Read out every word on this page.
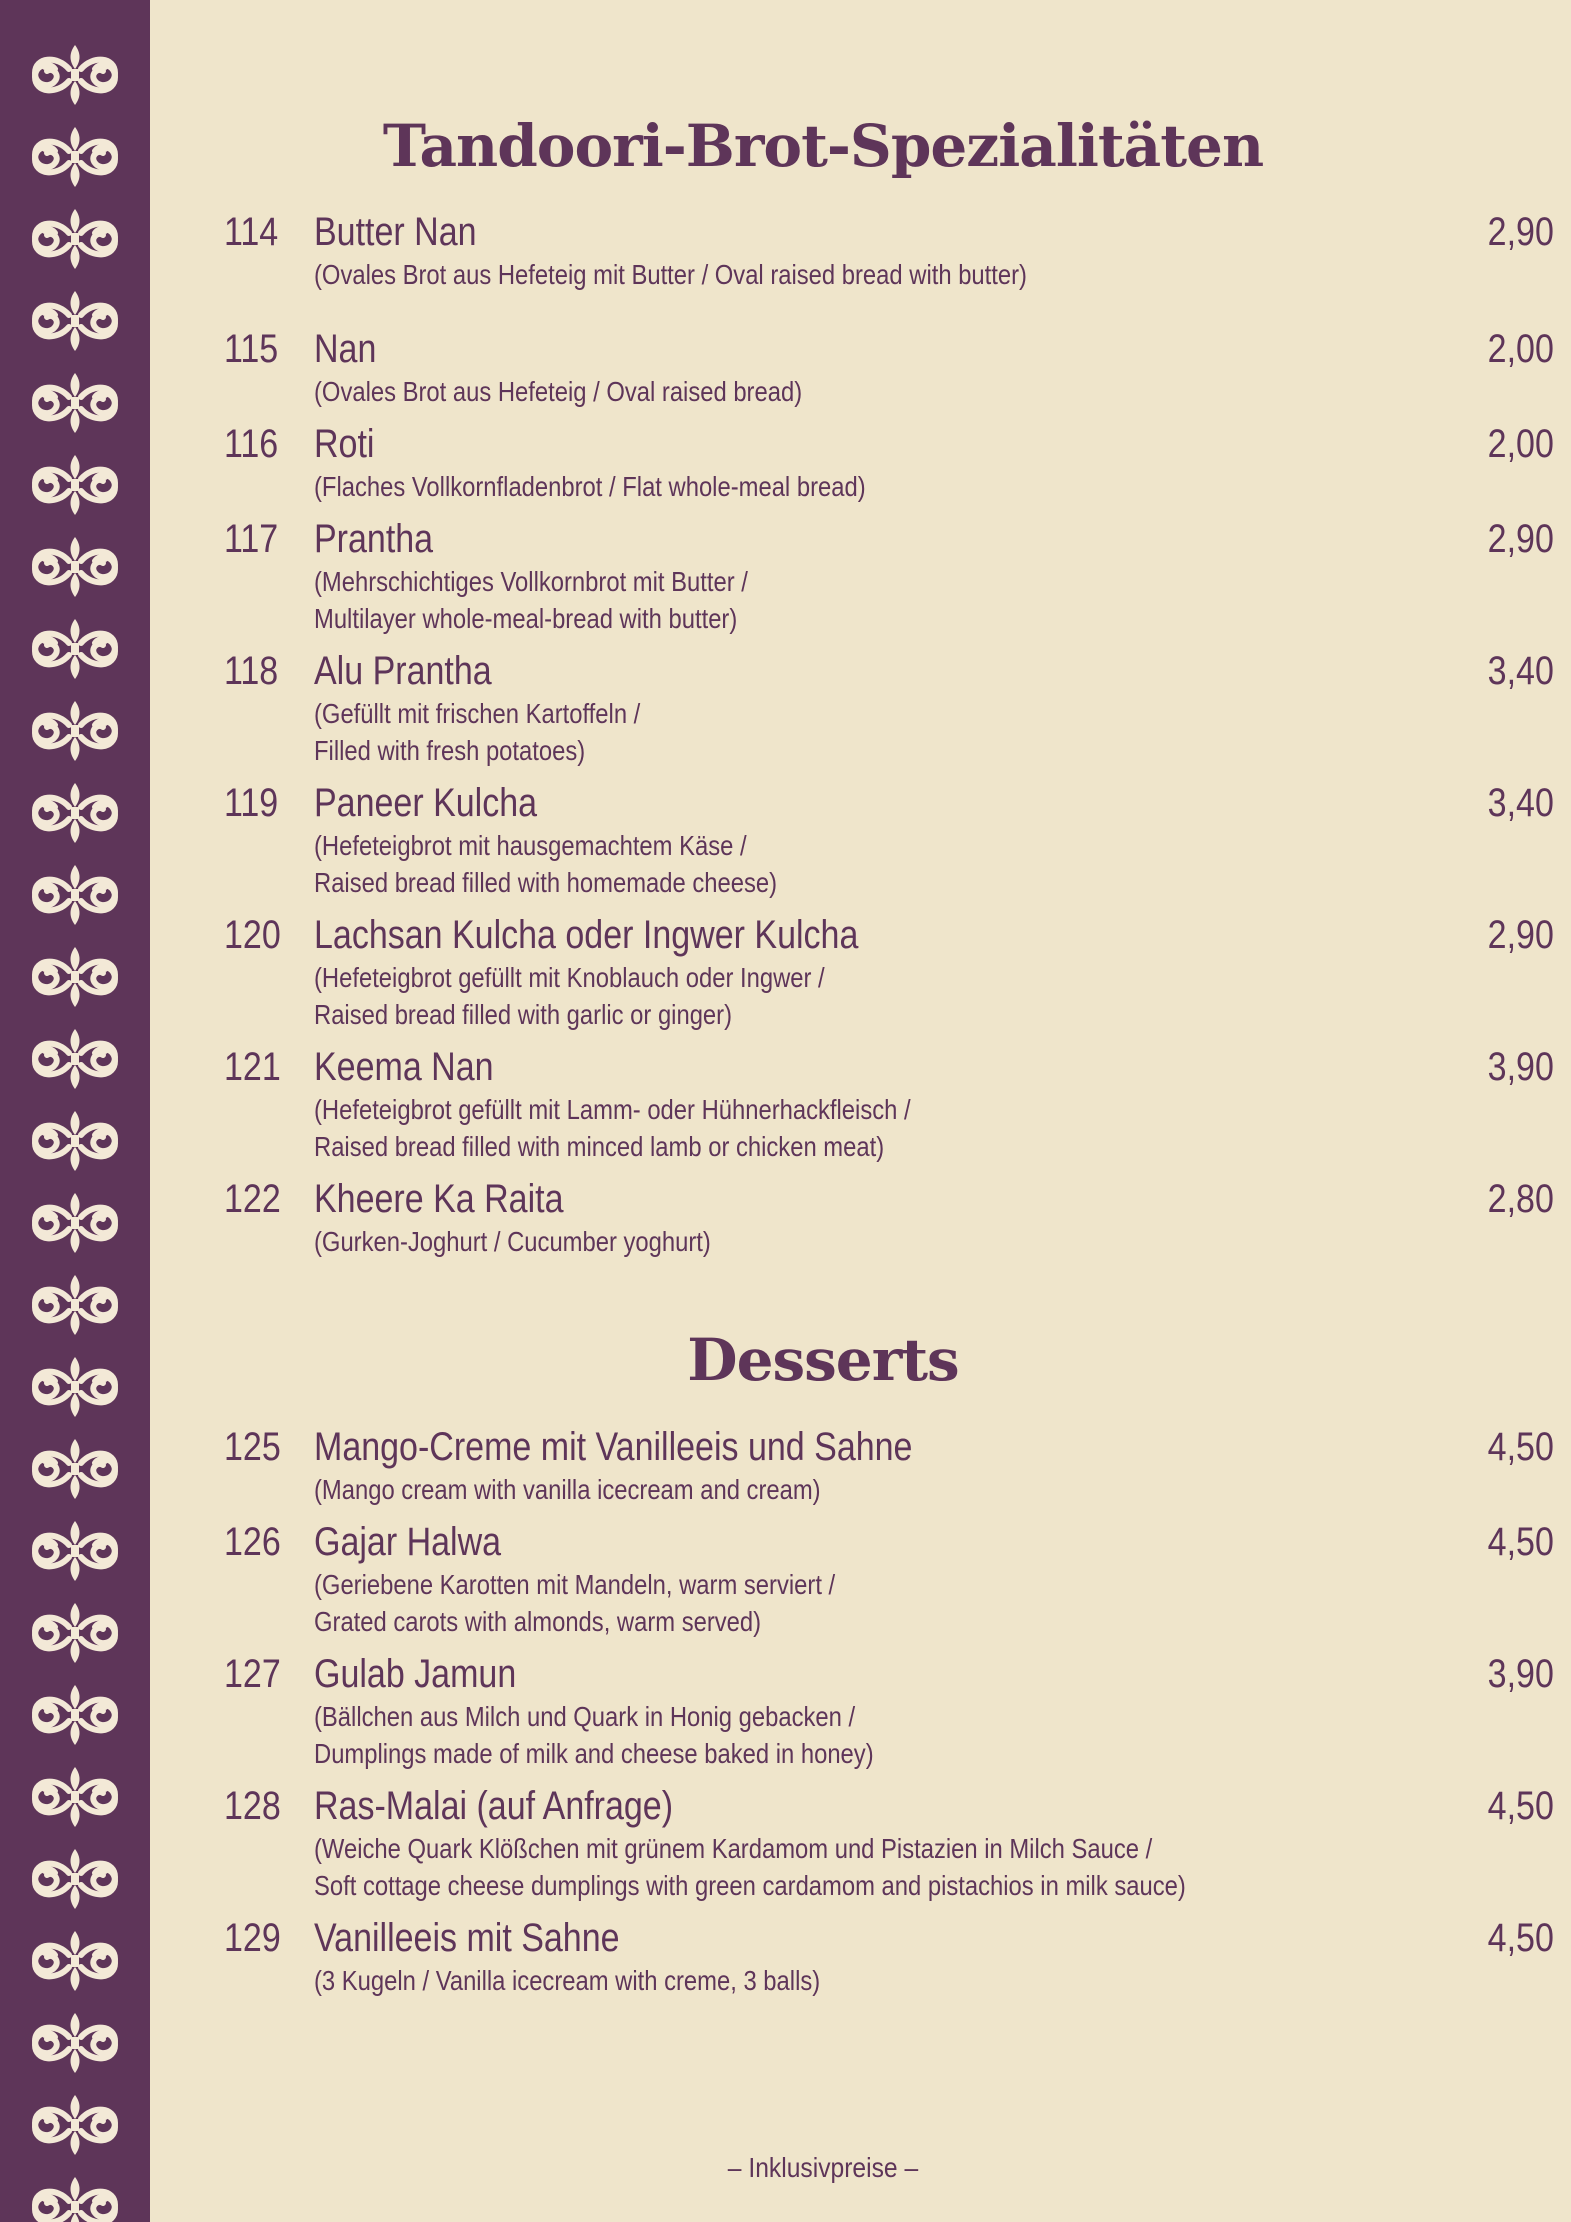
Tandoori-Brot-Spezialitäten
114 Butter Nan	2,90
(Ovales Brot aus Hefeteig mit Butter / Oval raised bread with butter)
115 Nan	2,00
(Ovales Brot aus Hefeteig / Oval raised bread)
116 Roti	2,00
(Flaches Vollkornfladenbrot / Flat whole-meal bread)
117 Prantha	2,90
(Mehrschichtiges Vollkornbrot mit Butter /
Multilayer whole-meal-bread with butter)
118 Alu Prantha	3,40
(Gefüllt mit frischen Kartoffeln /
Filled with fresh potatoes)
119 Paneer Kulcha	3,40
(Hefeteigbrot mit hausgemachtem Käse /
Raised bread filled with homemade cheese)
120 Lachsan Kulcha oder Ingwer Kulcha	2,90
(Hefeteigbrot gefüllt mit Knoblauch oder Ingwer /
Raised bread filled with garlic or ginger)
121 Keema Nan	3,90
(Hefeteigbrot gefüllt mit Lamm- oder Hühnerhackfleisch /
Raised bread filled with minced lamb or chicken meat)
122 Kheere Ka Raita	2,80
(Gurken-Joghurt / Cucumber yoghurt)
Desserts
125 Mango-Creme mit Vanilleeis und Sahne	4,50
(Mango cream with vanilla icecream and cream)
126 Gajar Halwa	4,50
(Geriebene Karotten mit Mandeln, warm serviert /
Grated carots with almonds, warm served)
127 Gulab Jamun	3,90
(Bällchen aus Milch und Quark in Honig gebacken /
Dumplings made of milk and cheese baked in honey)
128 Ras-Malai (auf Anfrage)	4,50
(Weiche Quark Klößchen mit grünem Kardamom und Pistazien in Milch Sauce /
Soft cottage cheese dumplings with green cardamom and pistachios in milk sauce)
129 Vanilleeis mit Sahne	4,50
(3 Kugeln / Vanilla icecream with creme, 3 balls)
– Inklusivpreise –
